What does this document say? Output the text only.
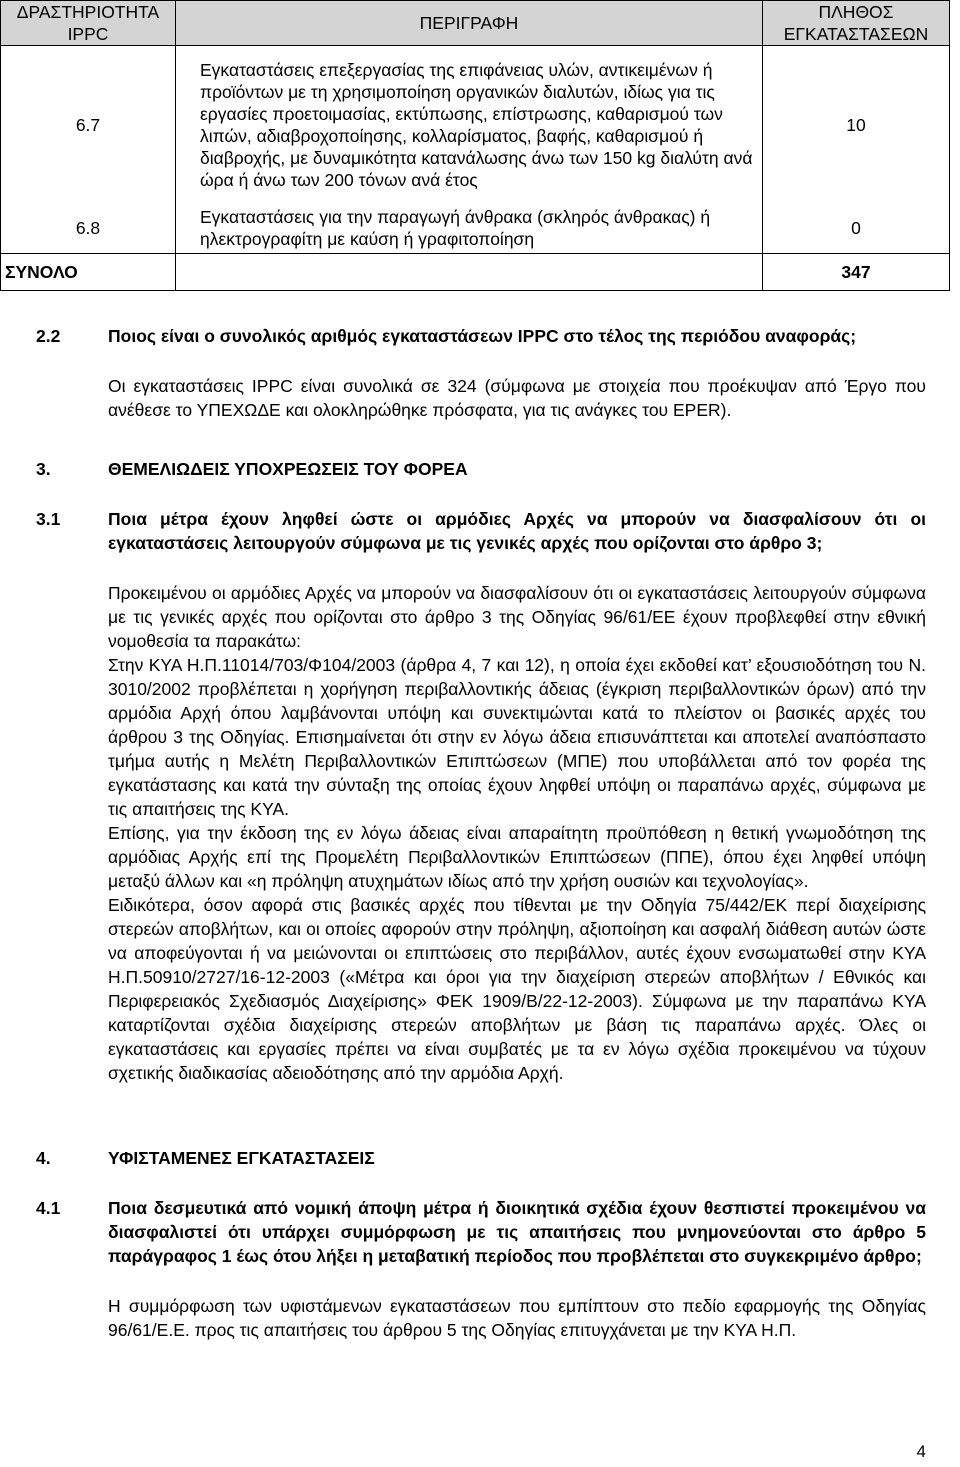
ΔΡΑΣΤΗΡΙΟΤΗΤΑ IPPC	ΠΕΡΙΓΡΑΦΗ	ΠΛΗΘΟΣ ΕΓΚΑΤΑΣΤΑΣΕΩΝ
6.7	Εγκαταστάσεις επεξεργασίας της επιφάνειας υλών, αντικειμένων ή προϊόντων με τη χρησιμοποίηση οργανικών διαλυτών, ιδίως για τις εργασίες προετοιμασίας, εκτύπωσης, επίστρωσης, καθαρισμού των λιπών, αδιαβροχοποίησης, κολλαρίσματος, βαφής, καθαρισμού ή διαβροχής, με δυναμικότητα κατανάλωσης άνω των 150 kg διαλύτη ανά ώρα ή άνω των 200 τόνων ανά έτος	10
6.8	Εγκαταστάσεις για την παραγωγή άνθρακα (σκληρός άνθρακας) ή ηλεκτρογραφίτη με καύση ή γραφιτοποίηση	0
ΣΥΝΟΛΟ		347
2.2	Ποιος είναι ο συνολικός αριθμός εγκαταστάσεων IPPC στο τέλος της περιόδου αναφοράς;

Οι εγκαταστάσεις IPPC είναι συνολικά σε 324 (σύμφωνα με στοιχεία που προέκυψαν από Έργο που ανέθεσε το ΥΠΕΧΩΔΕ και ολοκληρώθηκε πρόσφατα, για τις ανάγκες του EPER).

3.	ΘΕΜΕΛΙΩΔΕΙΣ ΥΠΟΧΡΕΩΣΕΙΣ ΤΟΥ ΦΟΡΕΑ
3.1	Ποια μέτρα έχουν ληφθεί ώστε οι αρμόδιες Αρχές να μπορούν να διασφαλίσουν ότι οι εγκαταστάσεις λειτουργούν σύμφωνα με τις γενικές αρχές που ορίζονται στο άρθρο 3;

Προκειμένου οι αρμόδιες Αρχές να μπορούν να διασφαλίσουν ότι οι εγκαταστάσεις λειτουργούν σύμφωνα με τις γενικές αρχές που ορίζονται στο άρθρο 3 της Οδηγίας 96/61/ΕΕ έχουν προβλεφθεί στην εθνική νομοθεσία τα παρακάτω:

Στην ΚΥΑ Η.Π.11014/703/Φ104/2003 (άρθρα 4, 7 και 12), η οποία έχει εκδοθεί κατ’ εξουσιοδότηση του Ν. 3010/2002 προβλέπεται η χορήγηση περιβαλλοντικής άδειας (έγκριση περιβαλλοντικών όρων) από την αρμόδια Αρχή όπου λαμβάνονται υπόψη και συνεκτιμώνται κατά το πλείστον οι βασικές αρχές του άρθρου 3 της Οδηγίας. Επισημαίνεται ότι στην εν λόγω άδεια επισυνάπτεται και αποτελεί αναπόσπαστο τμήμα αυτής η Μελέτη Περιβαλλοντικών Επιπτώσεων (ΜΠΕ) που υποβάλλεται από τον φορέα της εγκατάστασης και κατά την σύνταξη της οποίας έχουν ληφθεί υπόψη οι παραπάνω αρχές, σύμφωνα με τις απαιτήσεις της ΚΥΑ.

Επίσης, για την έκδοση της εν λόγω άδειας είναι απαραίτητη προϋπόθεση η θετική γνωμοδότηση της αρμόδιας Αρχής επί της Προμελέτη Περιβαλλοντικών Επιπτώσεων (ΠΠΕ), όπου έχει ληφθεί υπόψη μεταξύ άλλων και «η πρόληψη ατυχημάτων ιδίως από την χρήση ουσιών και τεχνολογίας».

Ειδικότερα, όσον αφορά στις βασικές αρχές που τίθενται με την Οδηγία 75/442/ΕΚ περί διαχείρισης στερεών αποβλήτων, και οι οποίες αφορούν στην πρόληψη, αξιοποίηση και ασφαλή διάθεση αυτών ώστε να αποφεύγονται ή να μειώνονται οι επιπτώσεις στο περιβάλλον, αυτές έχουν ενσωματωθεί στην ΚΥΑ Η.Π.50910/2727/16-12-2003 («Μέτρα και όροι για την διαχείριση στερεών αποβλήτων / Εθνικός και Περιφερειακός Σχεδιασμός Διαχείρισης» ΦΕΚ 1909/Β/22-12-2003). Σύμφωνα με την παραπάνω ΚΥΑ καταρτίζονται σχέδια διαχείρισης στερεών αποβλήτων με βάση τις παραπάνω αρχές. Όλες οι εγκαταστάσεις και εργασίες πρέπει να είναι συμβατές με τα εν λόγω σχέδια προκειμένου να τύχουν σχετικής διαδικασίας αδειοδότησης από την αρμόδια Αρχή.

4.	ΥΦΙΣΤΑΜΕΝΕΣ ΕΓΚΑΤΑΣΤΑΣΕΙΣ
4.1	Ποια δεσμευτικά από νομική άποψη μέτρα ή διοικητικά σχέδια έχουν θεσπιστεί προκειμένου να διασφαλιστεί ότι υπάρχει συμμόρφωση με τις απαιτήσεις που μνημονεύονται στο άρθρο 5 παράγραφος 1 έως ότου λήξει η μεταβατική περίοδος που προβλέπεται στο συγκεκριμένο άρθρο;

Η συμμόρφωση των υφιστάμενων εγκαταστάσεων που εμπίπτουν στο πεδίο εφαρμογής της Οδηγίας 96/61/Ε.Ε. προς τις απαιτήσεις του άρθρου 5 της Οδηγίας επιτυγχάνεται με την ΚΥΑ Η.Π.

4
